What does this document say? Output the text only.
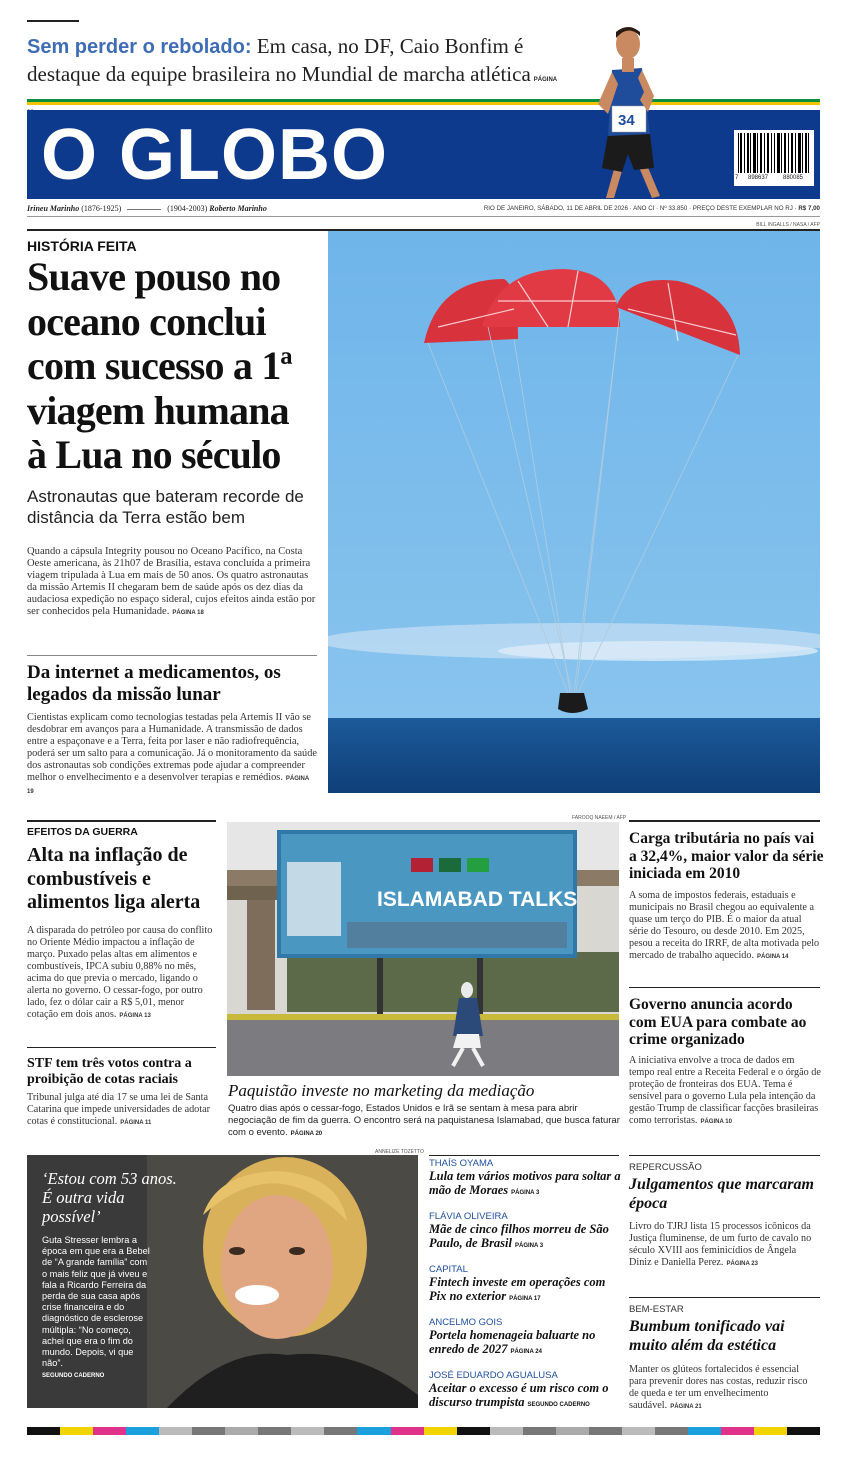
Sem perder o rebolado: Em casa, no DF, Caio Bonfim é destaque da equipe brasileira no Mundial de marcha atlética PÁGINA
O GLOBO	7 898637 880085
34
Irineu Marinho (1876-1925)	(1904-2003) Roberto Marinho	RIO DE JANEIRO, SÁBADO, 11 DE ABRIL DE 2026 · ANO CI · Nº 33.850 · PREÇO DESTE EXEMPLAR NO RJ · R$ 7,00
BILL INGALLS / NASA / AFP
HISTÓRIA FEITA
Suave pouso no
oceano conclui
com sucesso a 1ª
viagem humana
à Lua no século
Astronautas que bateram recorde de distância da Terra estão bem
Quando a cápsula Integrity pousou no Oceano Pacífico, na Costa Oeste americana, às 21h07 de Brasília, estava concluída a primeira viagem tripulada à Lua em mais de 50 anos. Os quatro astronautas da missão Artemis II chegaram bem de saúde após os dez dias da audaciosa expedição no espaço sideral, cujos efeitos ainda estão por ser conhecidos pela Humanidade. PÁGINA 18
Da internet a medicamentos, os legados da missão lunar
Cientistas explicam como tecnologias testadas pela Artemis II vão se desdobrar em avanços para a Humanidade. A transmissão de dados entre a espaçonave e a Terra, feita por laser e não radiofrequência, poderá ser um salto para a comunicação. Já o monitoramento da saúde dos astronautas sob condições extremas pode ajudar a compreender melhor o envelhecimento e a desenvolver terapias e remédios. PÁGINA 19
FAROOQ NAEEM / AFP
EFEITOS DA GUERRA
Alta na inflação de combustíveis e alimentos liga alerta
A disparada do petróleo por causa do conflito no Oriente Médio impactou a inflação de março. Puxado pelas altas em alimentos e combustíveis, IPCA subiu 0,88% no mês, acima do que previa o mercado, ligando o alerta no governo. O cessar-fogo, por outro lado, fez o dólar cair a R$ 5,01, menor cotação em dois anos. PÁGINA 13
STF tem três votos contra a proibição de cotas raciais
Tribunal julga até dia 17 se uma lei de Santa Catarina que impede universidades de adotar cotas é constitucional. PÁGINA 11
ISLAMABAD TALKS
Paquistão investe no marketing da mediação
Quatro dias após o cessar-fogo, Estados Unidos e Irã se sentam à mesa para abrir negociação de fim da guerra. O encontro será na paquistanesa Islamabad, que busca faturar com o evento. PÁGINA 20
Carga tributária no país vai a 32,4%, maior valor da série iniciada em 2010
A soma de impostos federais, estaduais e municipais no Brasil chegou ao equivalente a quase um terço do PIB. É o maior da atual série do Tesouro, ou desde 2010. Em 2025, pesou a receita do IRRF, de alta motivada pelo mercado de trabalho aquecido. PÁGINA 14
Governo anuncia acordo com EUA para combate ao crime organizado
A iniciativa envolve a troca de dados em tempo real entre a Receita Federal e o órgão de proteção de fronteiras dos EUA. Tema é sensível para o governo Lula pela intenção da gestão Trump de classificar facções brasileiras como terroristas. PÁGINA 10
ANNELIZE TOZETTO
‘Estou com 53 anos. É outra vida possível’
Guta Stresser lembra a época em que era a Bebel de “A grande família” com o mais feliz que já viveu e fala a Ricardo Ferreira da perda de sua casa após crise financeira e do diagnóstico de esclerose múltipla: “No começo, achei que era o fim do mundo. Depois, vi que não”.
SEGUNDO CADERNO
THAÍS OYAMA
Lula tem vários motivos para soltar a mão de Moraes PÁGINA 3
FLÁVIA OLIVEIRA
Mãe de cinco filhos morreu de São Paulo, de Brasil PÁGINA 3
CAPITAL
Fintech investe em operações com Pix no exterior PÁGINA 17
ANCELMO GOIS
Portela homenageia baluarte no enredo de 2027 PÁGINA 24
JOSÉ EDUARDO AGUALUSA
Aceitar o excesso é um risco com o discurso trumpista SEGUNDO CADERNO
REPERCUSSÃO
Julgamentos que marcaram época
Livro do TJRJ lista 15 processos icônicos da Justiça fluminense, de um furto de cavalo no século XVIII aos feminicídios de Ângela Diniz e Daniella Perez. PÁGINA 23
BEM-ESTAR
Bumbum tonificado vai muito além da estética
Manter os glúteos fortalecidos é essencial para prevenir dores nas costas, reduzir risco de queda e ter um envelhecimento saudável. PÁGINA 21
